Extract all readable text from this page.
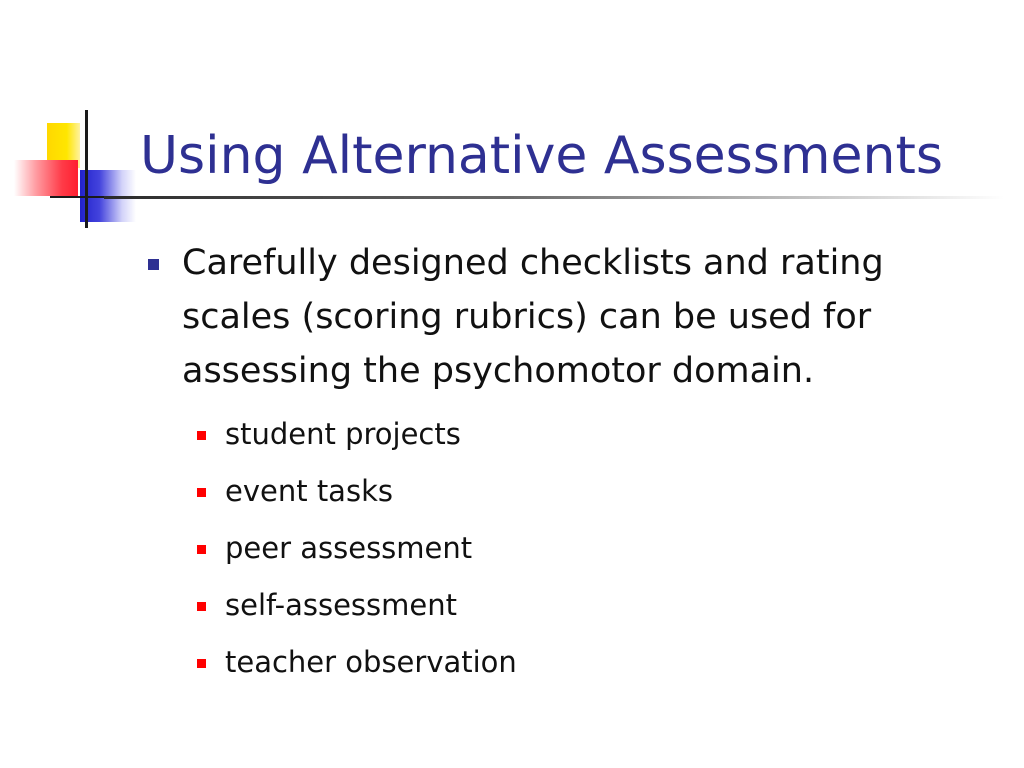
Using Alternative Assessments

Carefully designed checklists and rating scales (scoring rubrics) can be used for assessing the psychomotor domain.

student projects
event tasks
peer assessment
self-assessment
teacher observation
